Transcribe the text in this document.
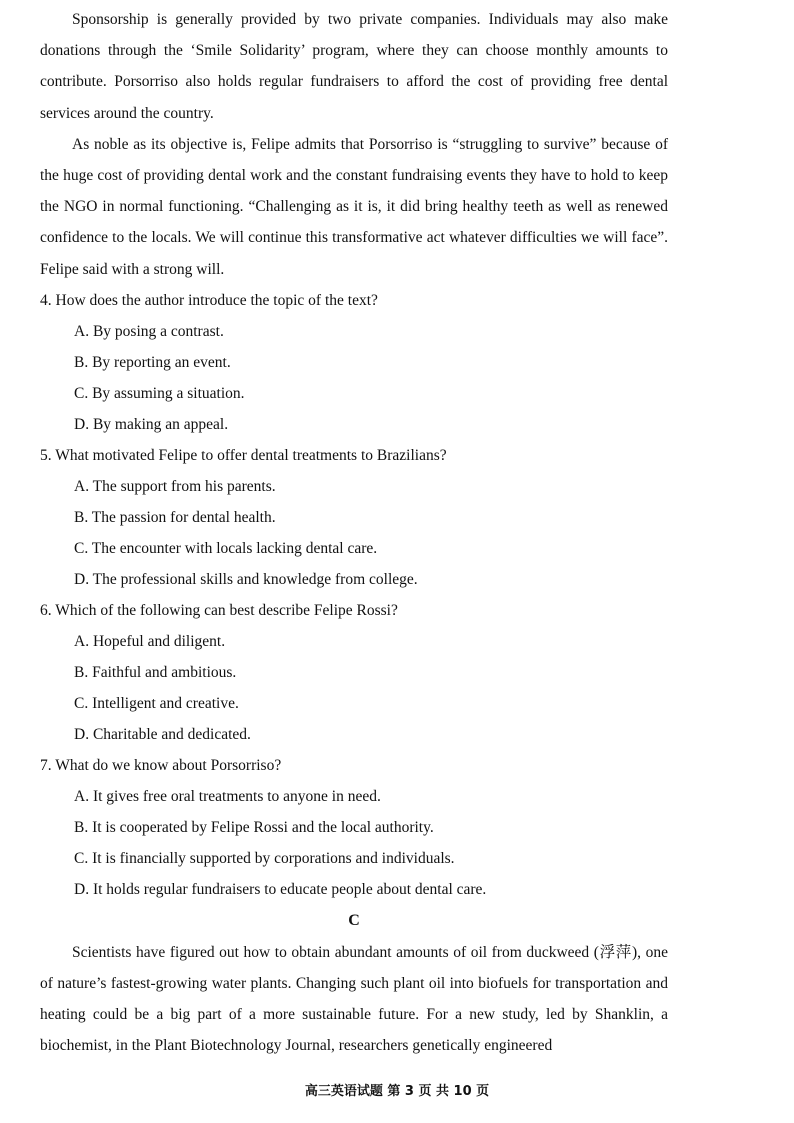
Sponsorship is generally provided by two private companies. Individuals may also make donations through the ‘Smile Solidarity’ program, where they can choose monthly amounts to contribute. Porsorriso also holds regular fundraisers to afford the cost of providing free dental services around the country.

As noble as its objective is, Felipe admits that Porsorriso is “struggling to survive” because of the huge cost of providing dental work and the constant fundraising events they have to hold to keep the NGO in normal functioning. “Challenging as it is, it did bring healthy teeth as well as renewed confidence to the locals. We will continue this transformative act whatever difficulties we will face”. Felipe said with a strong will.

4. How does the author introduce the topic of the text?

A. By posing a contrast.

B. By reporting an event.

C. By assuming a situation.

D. By making an appeal.

5. What motivated Felipe to offer dental treatments to Brazilians?

A. The support from his parents.

B. The passion for dental health.

C. The encounter with locals lacking dental care.

D. The professional skills and knowledge from college.

6. Which of the following can best describe Felipe Rossi?

A. Hopeful and diligent.

B. Faithful and ambitious.

C. Intelligent and creative.

D. Charitable and dedicated.

7. What do we know about Porsorriso?

A. It gives free oral treatments to anyone in need.

B. It is cooperated by Felipe Rossi and the local authority.

C. It is financially supported by corporations and individuals.

D. It holds regular fundraisers to educate people about dental care.

C

Scientists have figured out how to obtain abundant amounts of oil from duckweed (浮萍), one of nature’s fastest-growing water plants. Changing such plant oil into biofuels for transportation and heating could be a big part of a more sustainable future. For a new study, led by Shanklin, a biochemist, in the Plant Biotechnology Journal, researchers genetically engineered

高三英语试题 第 3 页 共 10 页
